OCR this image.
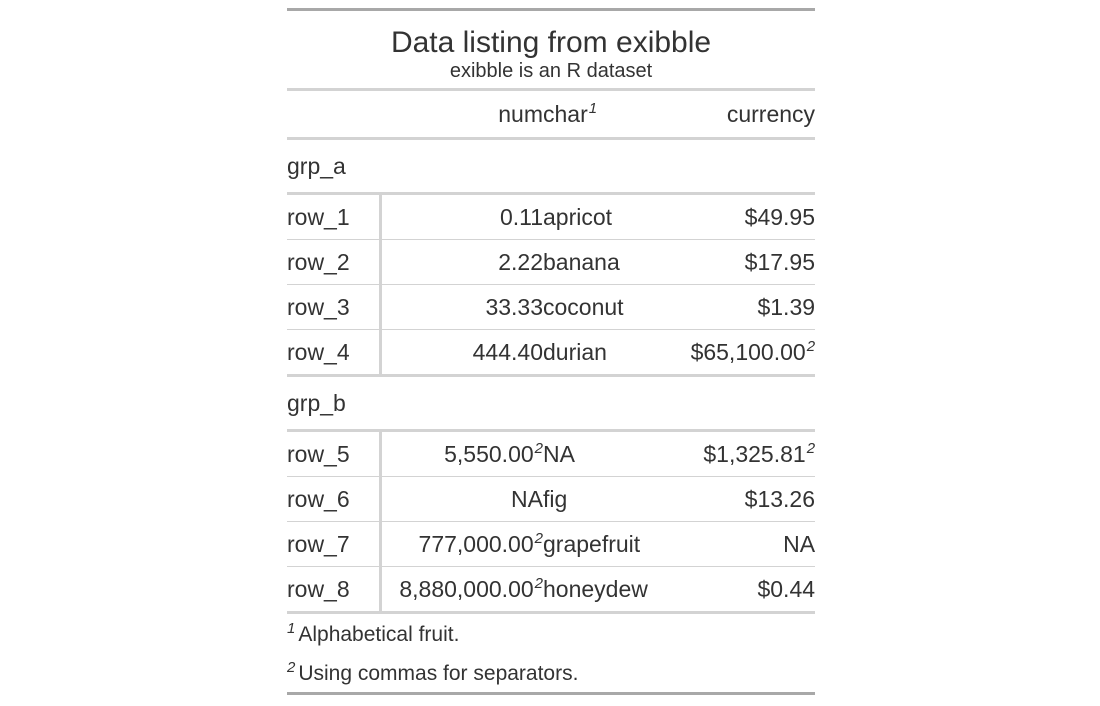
Data listing from exibble			
exibble is an R dataset			
	num	char$^1$	currency
grp_a			
row_1	0.11	apricot	$49.95
row_2	2.22	banana	$17.95
row_3	33.33	coconut	$1.39
row_4	444.40	durian	$65,100.00$^2$
grp_b			
row_5	5,550.00$^2$	NA	$1,325.81$^2$
row_6	NA	fig	$13.26
row_7	777,000.00$^2$	grapefruit	NA
row_8	8,880,000.00$^2$	honeydew	$0.44
$^1$ Alphabetical fruit.			
$^2$ Using commas for separators.			
